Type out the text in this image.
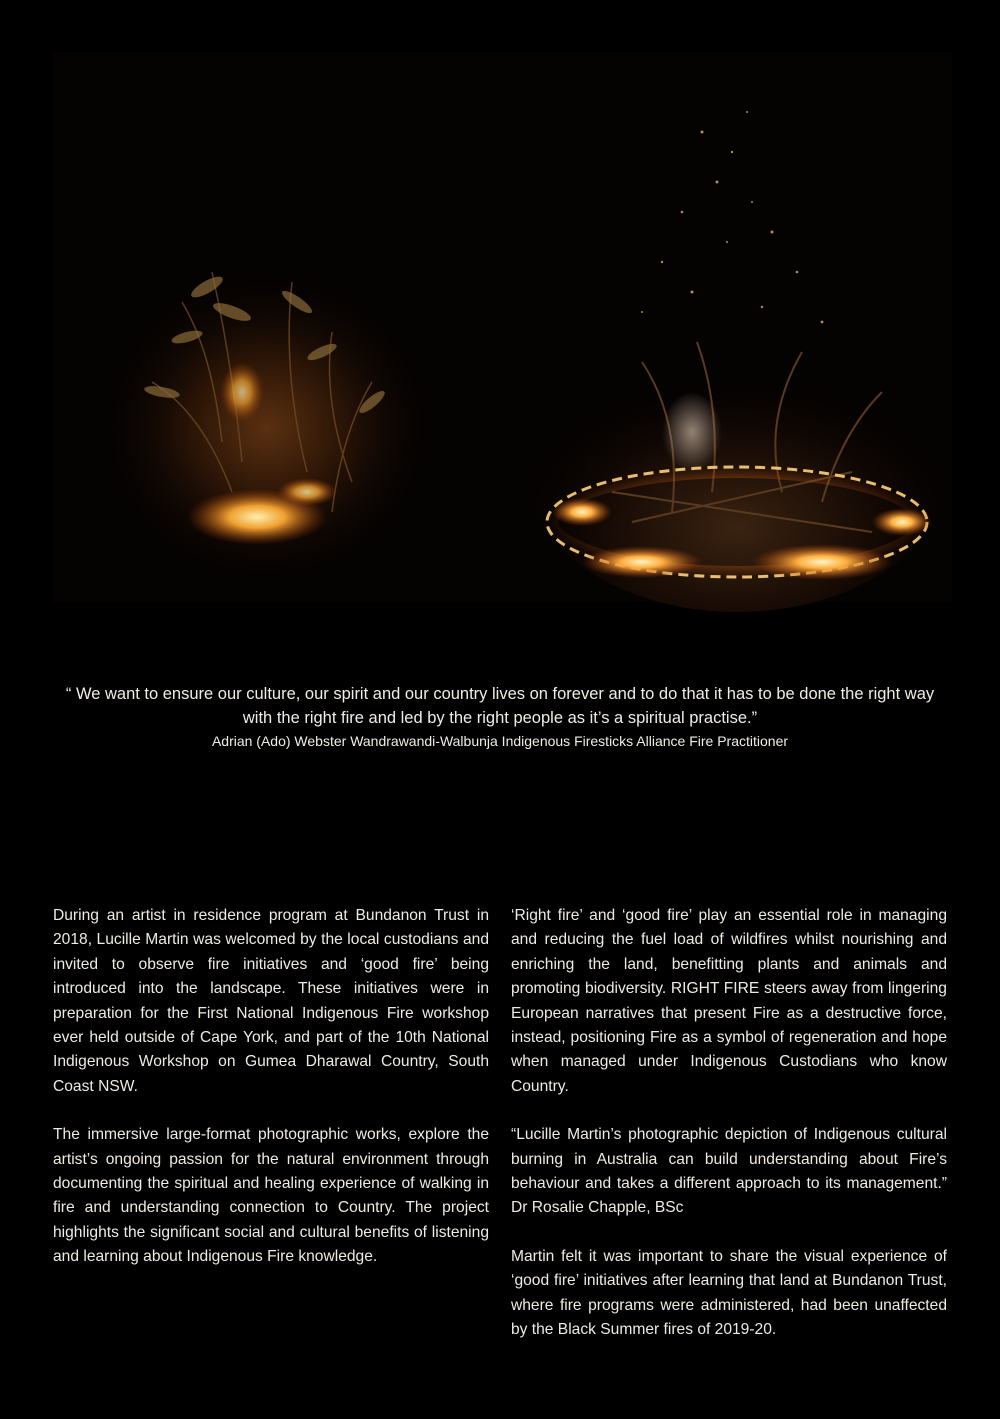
“ We want to ensure our culture, our spirit and our country lives on forever and to do that it has to be done the right way with the right fire and led by the right people as it’s a spiritual practise.”

Adrian (Ado) Webster Wandrawandi-Walbunja Indigenous Firesticks Alliance Fire Practitioner

During an artist in residence program at Bundanon Trust in 2018, Lucille Martin was welcomed by the local custodians and invited to observe fire initiatives and ‘good fire’ being introduced into the landscape. These initiatives were in preparation for the First National Indigenous Fire workshop ever held outside of Cape York, and part of the 10th National Indigenous Workshop on Gumea Dharawal Country, South Coast NSW.

The immersive large-format photographic works, explore the artist’s ongoing passion for the natural environment through documenting the spiritual and healing experience of walking in fire and understanding connection to Country. The project highlights the significant social and cultural benefits of listening and learning about Indigenous Fire knowledge.

‘Right fire’ and ‘good fire’ play an essential role in managing and reducing the fuel load of wildfires whilst nourishing and enriching the land, benefitting plants and animals and promoting biodiversity. RIGHT FIRE steers away from lingering European narratives that present Fire as a destructive force, instead, positioning Fire as a symbol of regeneration and hope when managed under Indigenous Custodians who know Country.

“Lucille Martin’s photographic depiction of Indigenous cultural burning in Australia can build understanding about Fire’s behaviour and takes a different approach to its management.” Dr Rosalie Chapple, BSc

Martin felt it was important to share the visual experience of ‘good fire’ initiatives after learning that land at Bundanon Trust, where fire programs were administered, had been unaffected by the Black Summer fires of 2019-20.
